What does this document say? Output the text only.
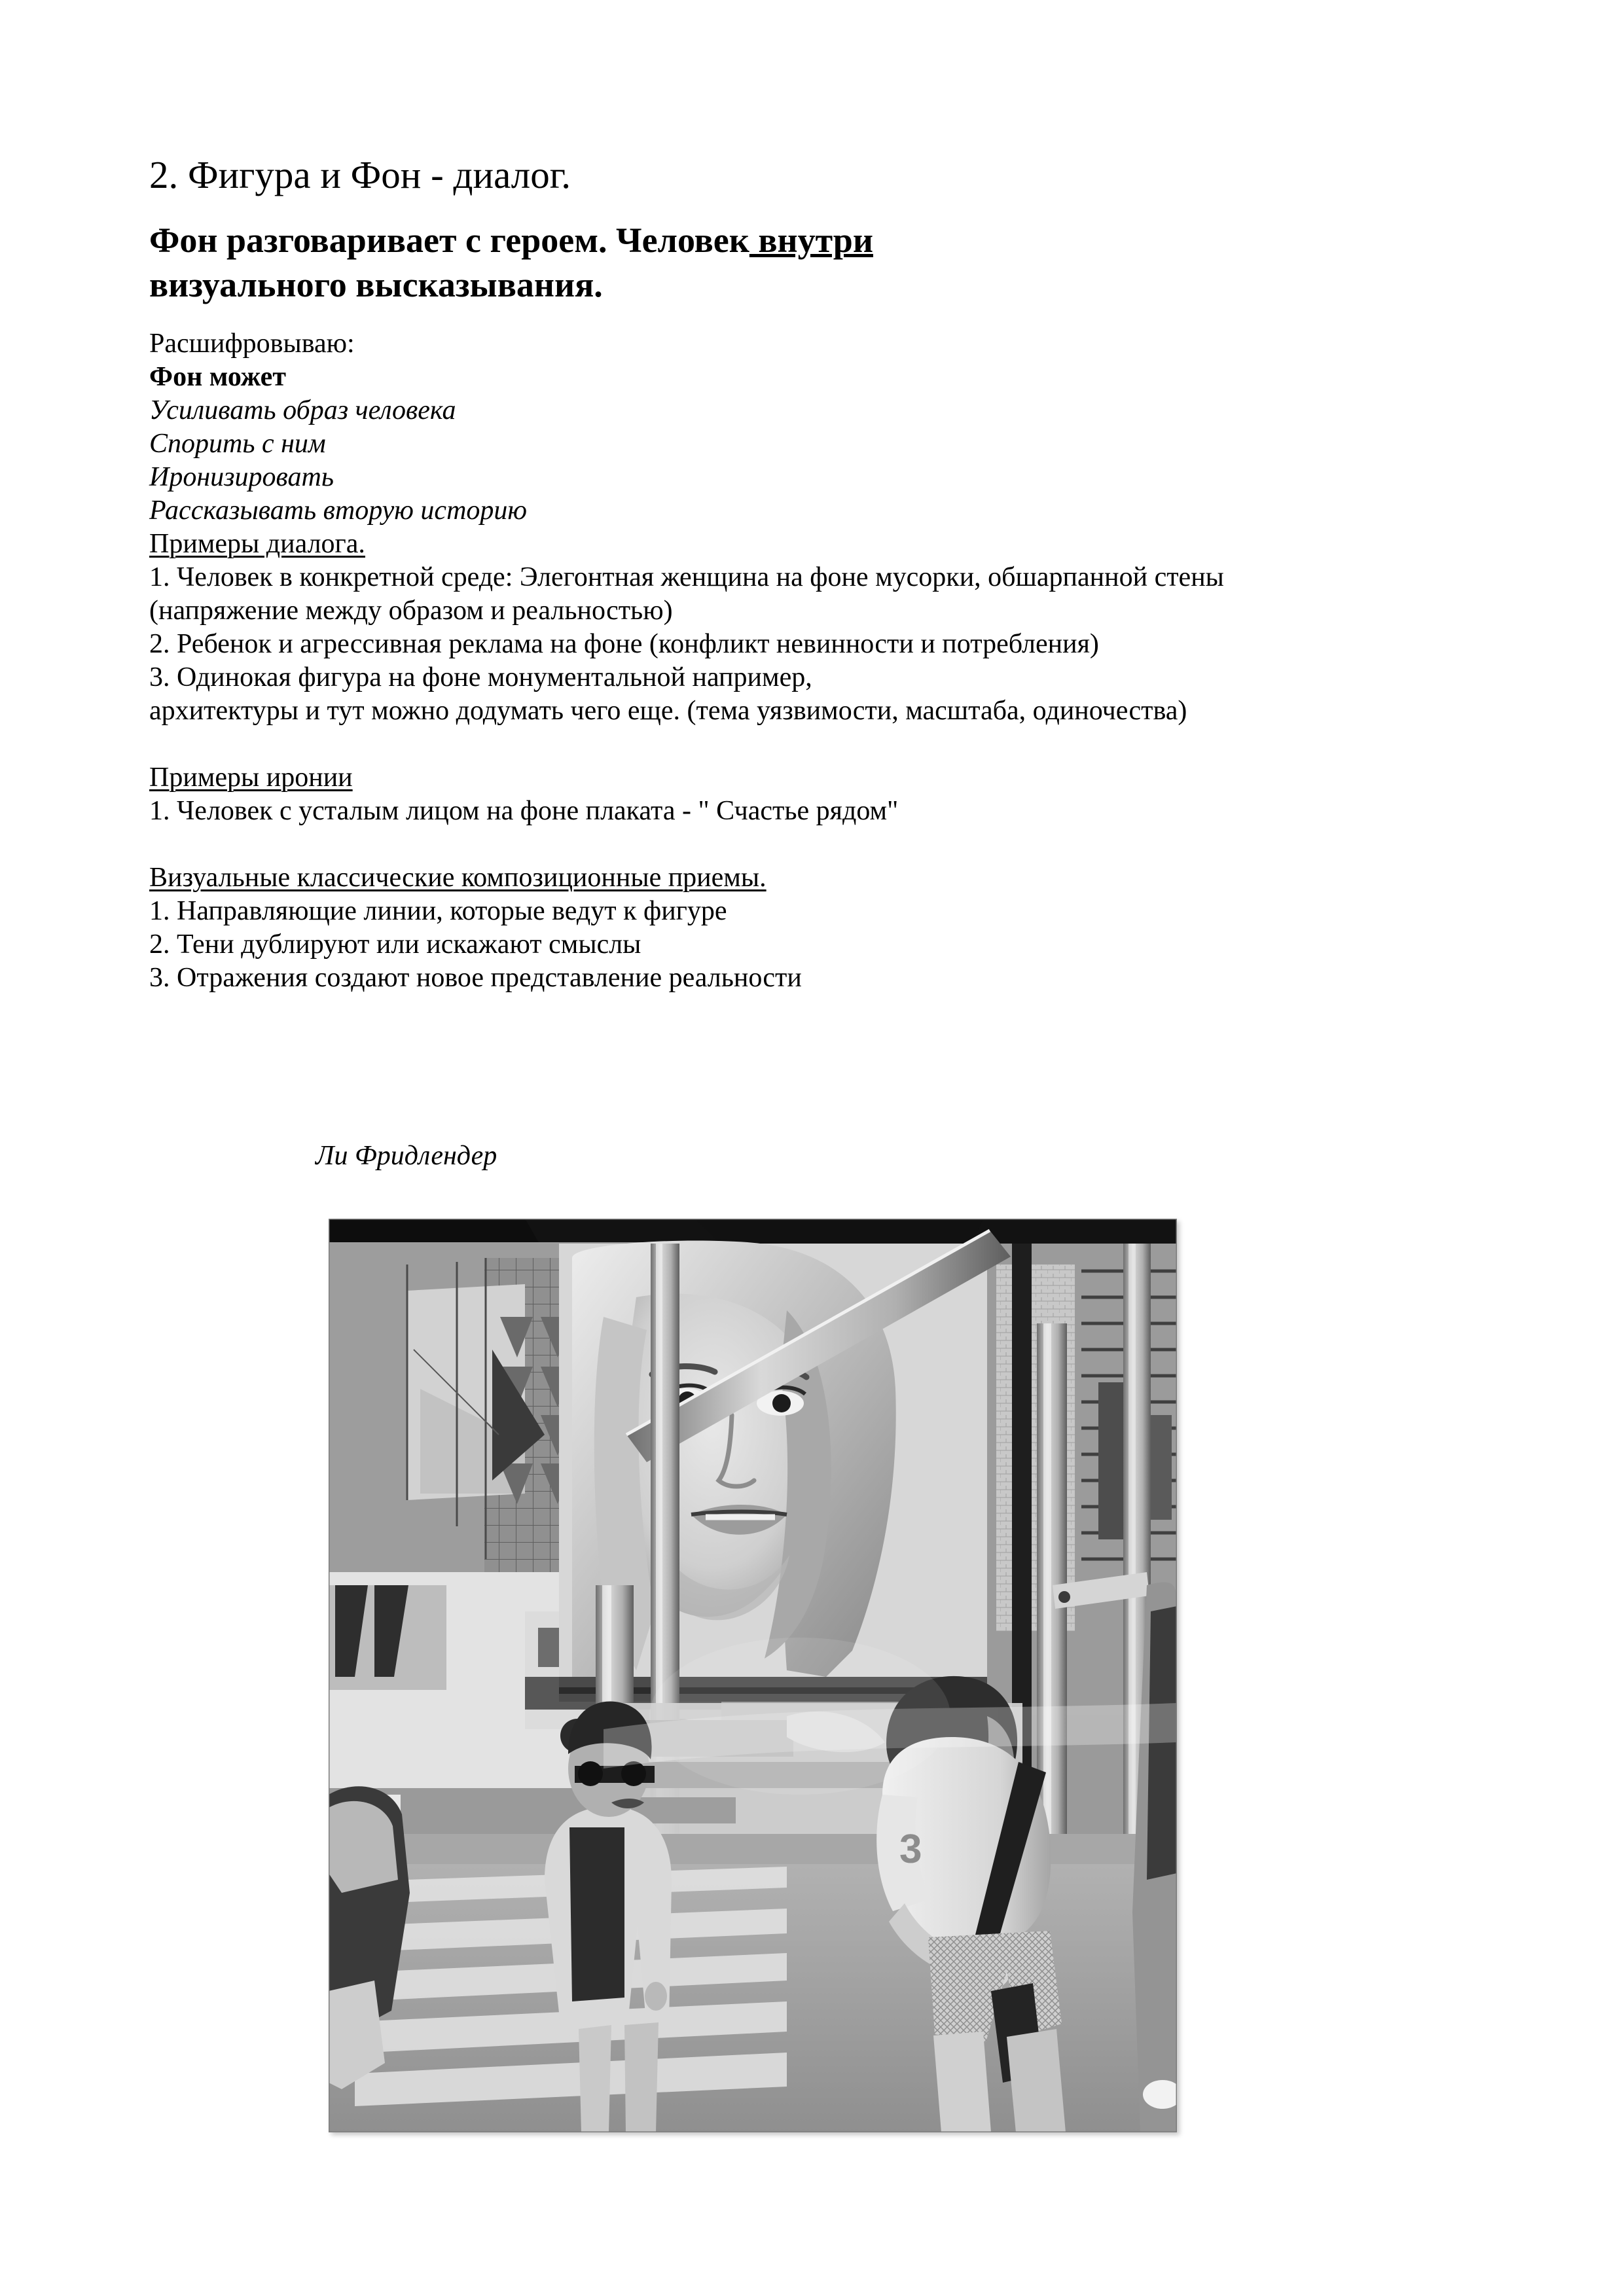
2. Фигура и Фон - диалог.
Фон разговаривает с героем. Человек внутри
визуального высказывания.
Расшифровываю:
Фон может
Усиливать образ человека
Спорить с ним
Иронизировать
Рассказывать вторую историю
Примеры диалога.
1. Человек в конкретной среде: Элегонтная женщина на фоне мусорки, обшарпанной стены
(напряжение между образом и реальностью)
2. Ребенок и агрессивная реклама на фоне (конфликт невинности и потребления)
3. Одинокая фигура на фоне монументальной например,
архитектуры и тут можно додумать чего еще. (тема уязвимости, масштаба, одиночества)
Примеры иронии
1. Человек с усталым лицом на фоне плаката - " Счастье рядом"
Визуальные классические композиционные приемы.
1. Направляющие линии, которые ведут к фигуре
2. Тени дублируют или искажают смыслы
3. Отражения создают новое представление реальности
Ли Фридлендер
3
